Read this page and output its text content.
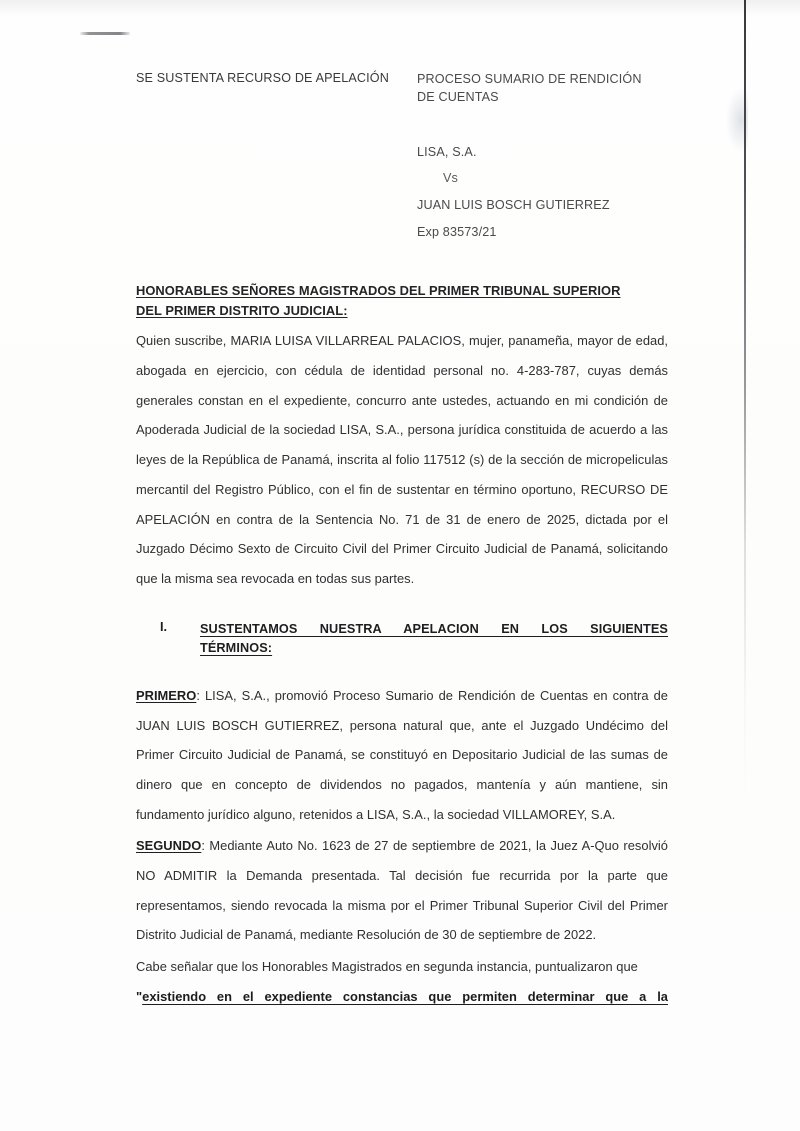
SE SUSTENTA RECURSO DE APELACIÓN	PROCESO SUMARIO DE RENDICIÓN
DE CUENTAS
LISA, S.A.
Vs
JUAN LUIS BOSCH GUTIERREZ
Exp 83573/21
HONORABLES SEÑORES MAGISTRADOS DEL PRIMER TRIBUNAL SUPERIOR
DEL PRIMER DISTRITO JUDICIAL:

Quien suscribe, MARIA LUISA VILLARREAL PALACIOS, mujer, panameña, mayor de edad, abogada en ejercicio, con cédula de identidad personal no. 4-283-787, cuyas demás generales constan en el expediente, concurro ante ustedes, actuando en mi condición de Apoderada Judicial de la sociedad LISA, S.A., persona jurídica constituida de acuerdo a las leyes de la República de Panamá, inscrita al folio 117512 (s) de la sección de micropeliculas mercantil del Registro Público, con el fin de sustentar en término oportuno, RECURSO DE APELACIÓN en contra de la Sentencia No. 71 de 31 de enero de 2025, dictada por el Juzgado Décimo Sexto de Circuito Civil del Primer Circuito Judicial de Panamá, solicitando que la misma sea revocada en todas sus partes.

I.	SUSTENTAMOS NUESTRA APELACION EN LOS SIGUIENTES
TÉRMINOS:

PRIMERO: LISA, S.A., promovió Proceso Sumario de Rendición de Cuentas en contra de JUAN LUIS BOSCH GUTIERREZ, persona natural que, ante el Juzgado Undécimo del Primer Circuito Judicial de Panamá, se constituyó en Depositario Judicial de las sumas de dinero que en concepto de dividendos no pagados, mantenía y aún mantiene, sin fundamento jurídico alguno, retenidos a LISA, S.A., la sociedad VILLAMOREY, S.A.

SEGUNDO: Mediante Auto No. 1623 de 27 de septiembre de 2021, la Juez A-Quo resolvió NO ADMITIR la Demanda presentada. Tal decisión fue recurrida por la parte que representamos, siendo revocada la misma por el Primer Tribunal Superior Civil del Primer Distrito Judicial de Panamá, mediante Resolución de 30 de septiembre de 2022.

Cabe señalar que los Honorables Magistrados en segunda instancia, puntualizaron que

"existiendo en el expediente constancias que permiten determinar que a la
